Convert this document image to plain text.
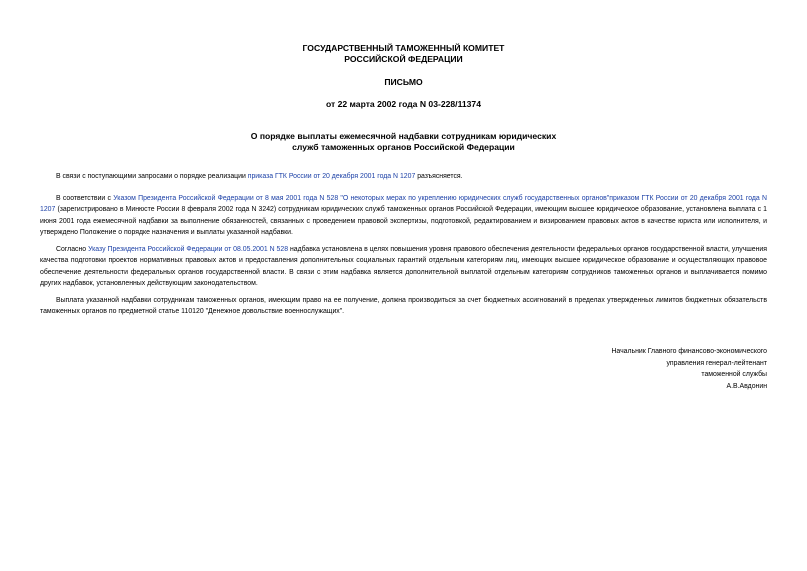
ГОСУДАРСТВЕННЫЙ ТАМОЖЕННЫЙ КОМИТЕТ
РОССИЙСКОЙ ФЕДЕРАЦИИ
ПИСЬМО
от 22 марта 2002 года N 03-228/11374
О порядке выплаты ежемесячной надбавки сотрудникам юридических
служб таможенных органов Российской Федерации
В связи с поступающими запросами о порядке реализации приказа ГТК России от 20 декабря 2001 года N 1207 разъясняется.
В соответствии с Указом Президента Российской Федерации от 8 мая 2001 года N 528 "О некоторых мерах по укреплению юридических служб государственных органов"приказом ГТК России от 20 декабря 2001 года N 1207 (зарегистрировано в Минюсте России 8 февраля 2002 года N 3242) сотрудникам юридических служб таможенных органов Российской Федерации, имеющим высшее юридическое образование, установлена выплата с 1 июня 2001 года ежемесячной надбавки за выполнение обязанностей, связанных с проведением правовой экспертизы, подготовкой, редактированием и визированием правовых актов в качестве юриста или исполнителя, и утверждено Положение о порядке назначения и выплаты указанной надбавки.
Согласно Указу Президента Российской Федерации от 08.05.2001 N 528 надбавка установлена в целях повышения уровня правового обеспечения деятельности федеральных органов государственной власти, улучшения качества подготовки проектов нормативных правовых актов и предоставления дополнительных социальных гарантий отдельным категориям лиц, имеющих высшее юридическое образование и осуществляющих правовое обеспечение деятельности федеральных органов государственной власти. В связи с этим надбавка является дополнительной выплатой отдельным категориям сотрудников таможенных органов и выплачивается помимо других надбавок, установленных действующим законодательством.
Выплата указанной надбавки сотрудникам таможенных органов, имеющим право на ее получение, должна производиться за счет бюджетных ассигнований в пределах утвержденных лимитов бюджетных обязательств таможенных органов по предметной статье 110120 "Денежное довольствие военнослужащих".
Начальник Главного финансово-экономического
управления генерал-лейтенант
таможенной службы
А.В.Авдонин
